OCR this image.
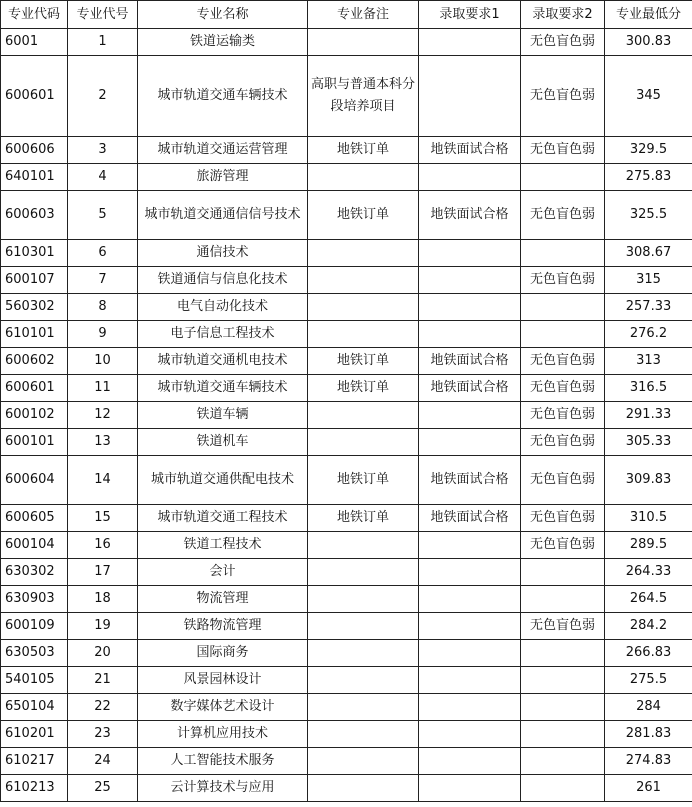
专业代码	专业代号	专业名称	专业备注	录取要求1	录取要求2	专业最低分
6001	1	铁道运输类			无色盲色弱	300.83
600601	2	城市轨道交通车辆技术	高职与普通本科分段培养项目		无色盲色弱	345
600606	3	城市轨道交通运营管理	地铁订单	地铁面试合格	无色盲色弱	329.5
640101	4	旅游管理				275.83
600603	5	城市轨道交通通信信号技术	地铁订单	地铁面试合格	无色盲色弱	325.5
610301	6	通信技术				308.67
600107	7	铁道通信与信息化技术			无色盲色弱	315
560302	8	电气自动化技术				257.33
610101	9	电子信息工程技术				276.2
600602	10	城市轨道交通机电技术	地铁订单	地铁面试合格	无色盲色弱	313
600601	11	城市轨道交通车辆技术	地铁订单	地铁面试合格	无色盲色弱	316.5
600102	12	铁道车辆			无色盲色弱	291.33
600101	13	铁道机车			无色盲色弱	305.33
600604	14	城市轨道交通供配电技术	地铁订单	地铁面试合格	无色盲色弱	309.83
600605	15	城市轨道交通工程技术	地铁订单	地铁面试合格	无色盲色弱	310.5
600104	16	铁道工程技术			无色盲色弱	289.5
630302	17	会计				264.33
630903	18	物流管理				264.5
600109	19	铁路物流管理			无色盲色弱	284.2
630503	20	国际商务				266.83
540105	21	风景园林设计				275.5
650104	22	数字媒体艺术设计				284
610201	23	计算机应用技术				281.83
610217	24	人工智能技术服务				274.83
610213	25	云计算技术与应用				261
